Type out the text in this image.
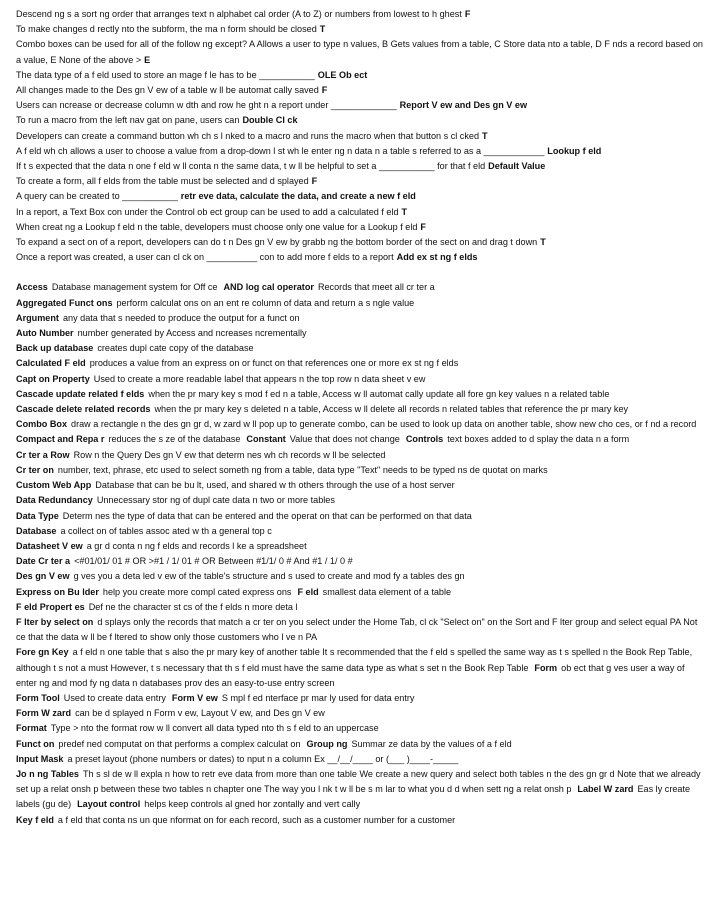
Descend ng s a sort ng order that arranges text n alphabet cal order (A to Z) or numbers from lowest to h ghest F

To make changes d rectly nto the subform, the ma n form should be closed T

Combo boxes can be used for all of the follow ng except? A Allows a user to type n values, B Gets values from a table, C Store data nto a table, D F nds a record based on a value, E None of the above > E

The data type of a f eld used to store an mage f le has to be ___________ OLE Ob ect

All changes made to the Des gn V ew of a table w ll be automat cally saved F

Users can ncrease or decrease column w dth and row he ght n a report under _____________ Report V ew and Des gn V ew

To run a macro from the left nav gat on pane, users can Double Cl ck

Developers can create a command button wh ch s l nked to a macro and runs the macro when that button s cl cked T

A f eld wh ch allows a user to choose a value from a drop-down l st wh le enter ng n data n a table s referred to as a ____________ Lookup f eld

If t s expected that the data n one f eld w ll conta n the same data, t w ll be helpful to set a ___________ for that f eld Default Value

To create a form, all f elds from the table must be selected and d splayed F

A query can be created to ___________ retr eve data, calculate the data, and create a new f eld

In a report, a Text Box con under the Control ob ect group can be used to add a calculated f eld T

When creat ng a Lookup f eld n the table, developers must choose only one value for a Lookup f eld F

To expand a sect on of a report, developers can do t n Des gn V ew by grabb ng the bottom border of the sect on and drag t down T

Once a report was created, a user can cl ck on __________ con to add more f elds to a report Add ex st ng f elds

Access Database management system for Off ce AND log cal operator Records that meet all cr ter a

Aggregated Funct ons perform calculat ons on an ent re column of data and return a s ngle value

Argument any data that s needed to produce the output for a funct on

Auto Number number generated by Access and ncreases ncrementally

Back up database creates dupl cate copy of the database

Calculated F eld produces a value from an express on or funct on that references one or more ex st ng f elds

Capt on Property Used to create a more readable label that appears n the top row n data sheet v ew

Cascade update related f elds when the pr mary key s mod f ed n a table, Access w ll automat cally update all fore gn key values n a related table

Cascade delete related records when the pr mary key s deleted n a table, Access w ll delete all records n related tables that reference the pr mary key

Combo Box draw a rectangle n the des gn gr d, w zard w ll pop up to generate combo, can be used to look up data on another table, show new cho ces, or f nd a record

Compact and Repa r reduces the s ze of the database Constant Value that does not change Controls text boxes added to d splay the data n a form

Cr ter a Row Row n the Query Des gn V ew that determ nes wh ch records w ll be selected

Cr ter on number, text, phrase, etc used to select someth ng from a table, data type "Text" needs to be typed ns de quotat on marks

Custom Web App Database that can be bu lt, used, and shared w th others through the use of a host server

Data Redundancy Unnecessary stor ng of dupl cate data n two or more tables

Data Type Determ nes the type of data that can be entered and the operat on that can be performed on that data

Database a collect on of tables assoc ated w th a general top c

Datasheet V ew a gr d conta n ng f elds and records l ke a spreadsheet

Date Cr ter a <#01/01/ 01 # OR >#1 / 1/ 01 # OR Between #1/1/ 0 # And #1 / 1/ 0 #

Des gn V ew g ves you a deta led v ew of the table's structure and s used to create and mod fy a tables des gn

Express on Bu lder help you create more compl cated express ons F eld smallest data element of a table

F eld Propert es Def ne the character st cs of the f elds n more deta l

F lter by select on d splays only the records that match a cr ter on you select under the Home Tab, cl ck "Select on" on the Sort and F lter group and select equal PA Not ce that the data w ll be f ltered to show only those customers who l ve n PA

Fore gn Key a f eld n one table that s also the pr mary key of another table It s recommended that the f eld s spelled the same way as t s spelled n the Book Rep Table, although t s not a must However, t s necessary that th s f eld must have the same data type as what s set n the Book Rep Table Form ob ect that g ves user a way of enter ng and mod fy ng data n databases prov des an easy-to-use entry screen

Form Tool Used to create data entry Form V ew S mpl f ed nterface pr mar ly used for data entry

Form W zard can be d splayed n Form v ew, Layout V ew, and Des gn V ew

Format Type > nto the format row w ll convert all data typed nto th s f eld to an uppercase

Funct on predef ned computat on that performs a complex calculat on Group ng Summar ze data by the values of a f eld

Input Mask a preset layout (phone numbers or dates) to nput n a column Ex __/__/____ or (___ )____-_____

Jo n ng Tables Th s sl de w ll expla n how to retr eve data from more than one table We create a new query and select both tables n the des gn gr d Note that we already set up a relat onsh p between these two tables n chapter one The way you l nk t w ll be s m lar to what you d d when sett ng a relat onsh p Label W zard Eas ly create labels (gu de) Layout control helps keep controls al gned hor zontally and vert cally

Key f eld a f eld that conta ns un que nformat on for each record, such as a customer number for a customer
